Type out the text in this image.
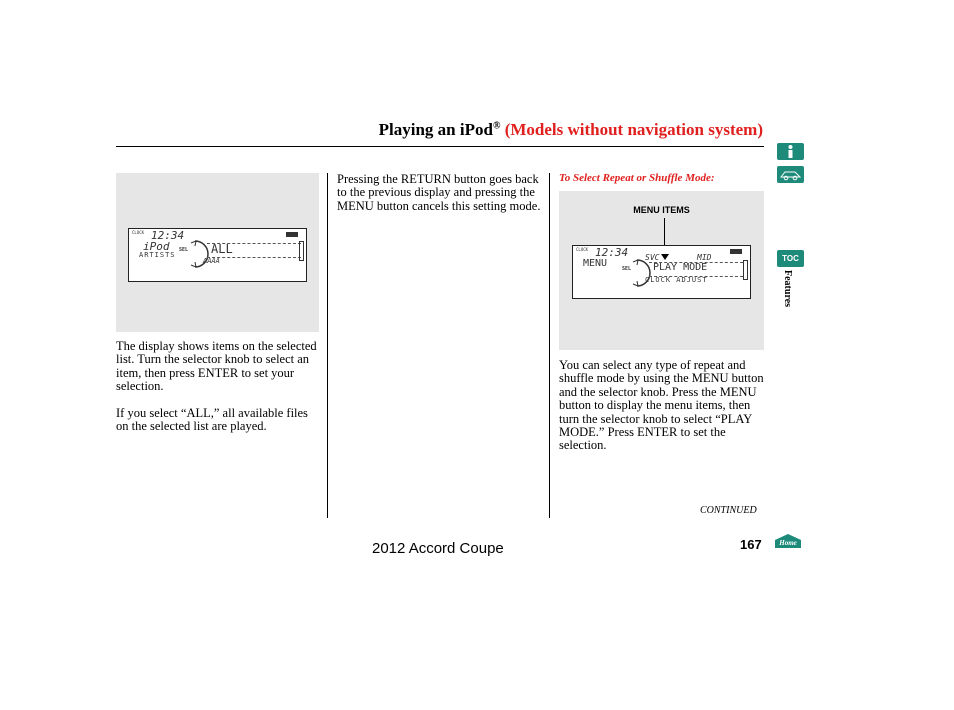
Playing an iPod® (Models without navigation system)
CLOCK 12:34
iPod
ARTISTS
SEL ALL
AAAA
The display shows items on the selected list. Turn the selector knob to select an item, then press ENTER to set your selection.
If you select “ALL,” all available files on the selected list are played.
Pressing the RETURN button goes back to the previous display and pressing the MENU button cancels this setting mode.
To Select Repeat or Shuffle Mode:
MENU ITEMS
CLOCK 12:34
MENU
SVC	MID
SEL PLAY MODE
CLOCK ADJUST
You can select any type of repeat and shuffle mode by using the MENU button and the selector knob. Press the MENU button to display the menu items, then turn the selector knob to select “PLAY MODE.” Press ENTER to set the selection.
CONTINUED
2012 Accord Coupe	167
TOC
Features
Home
